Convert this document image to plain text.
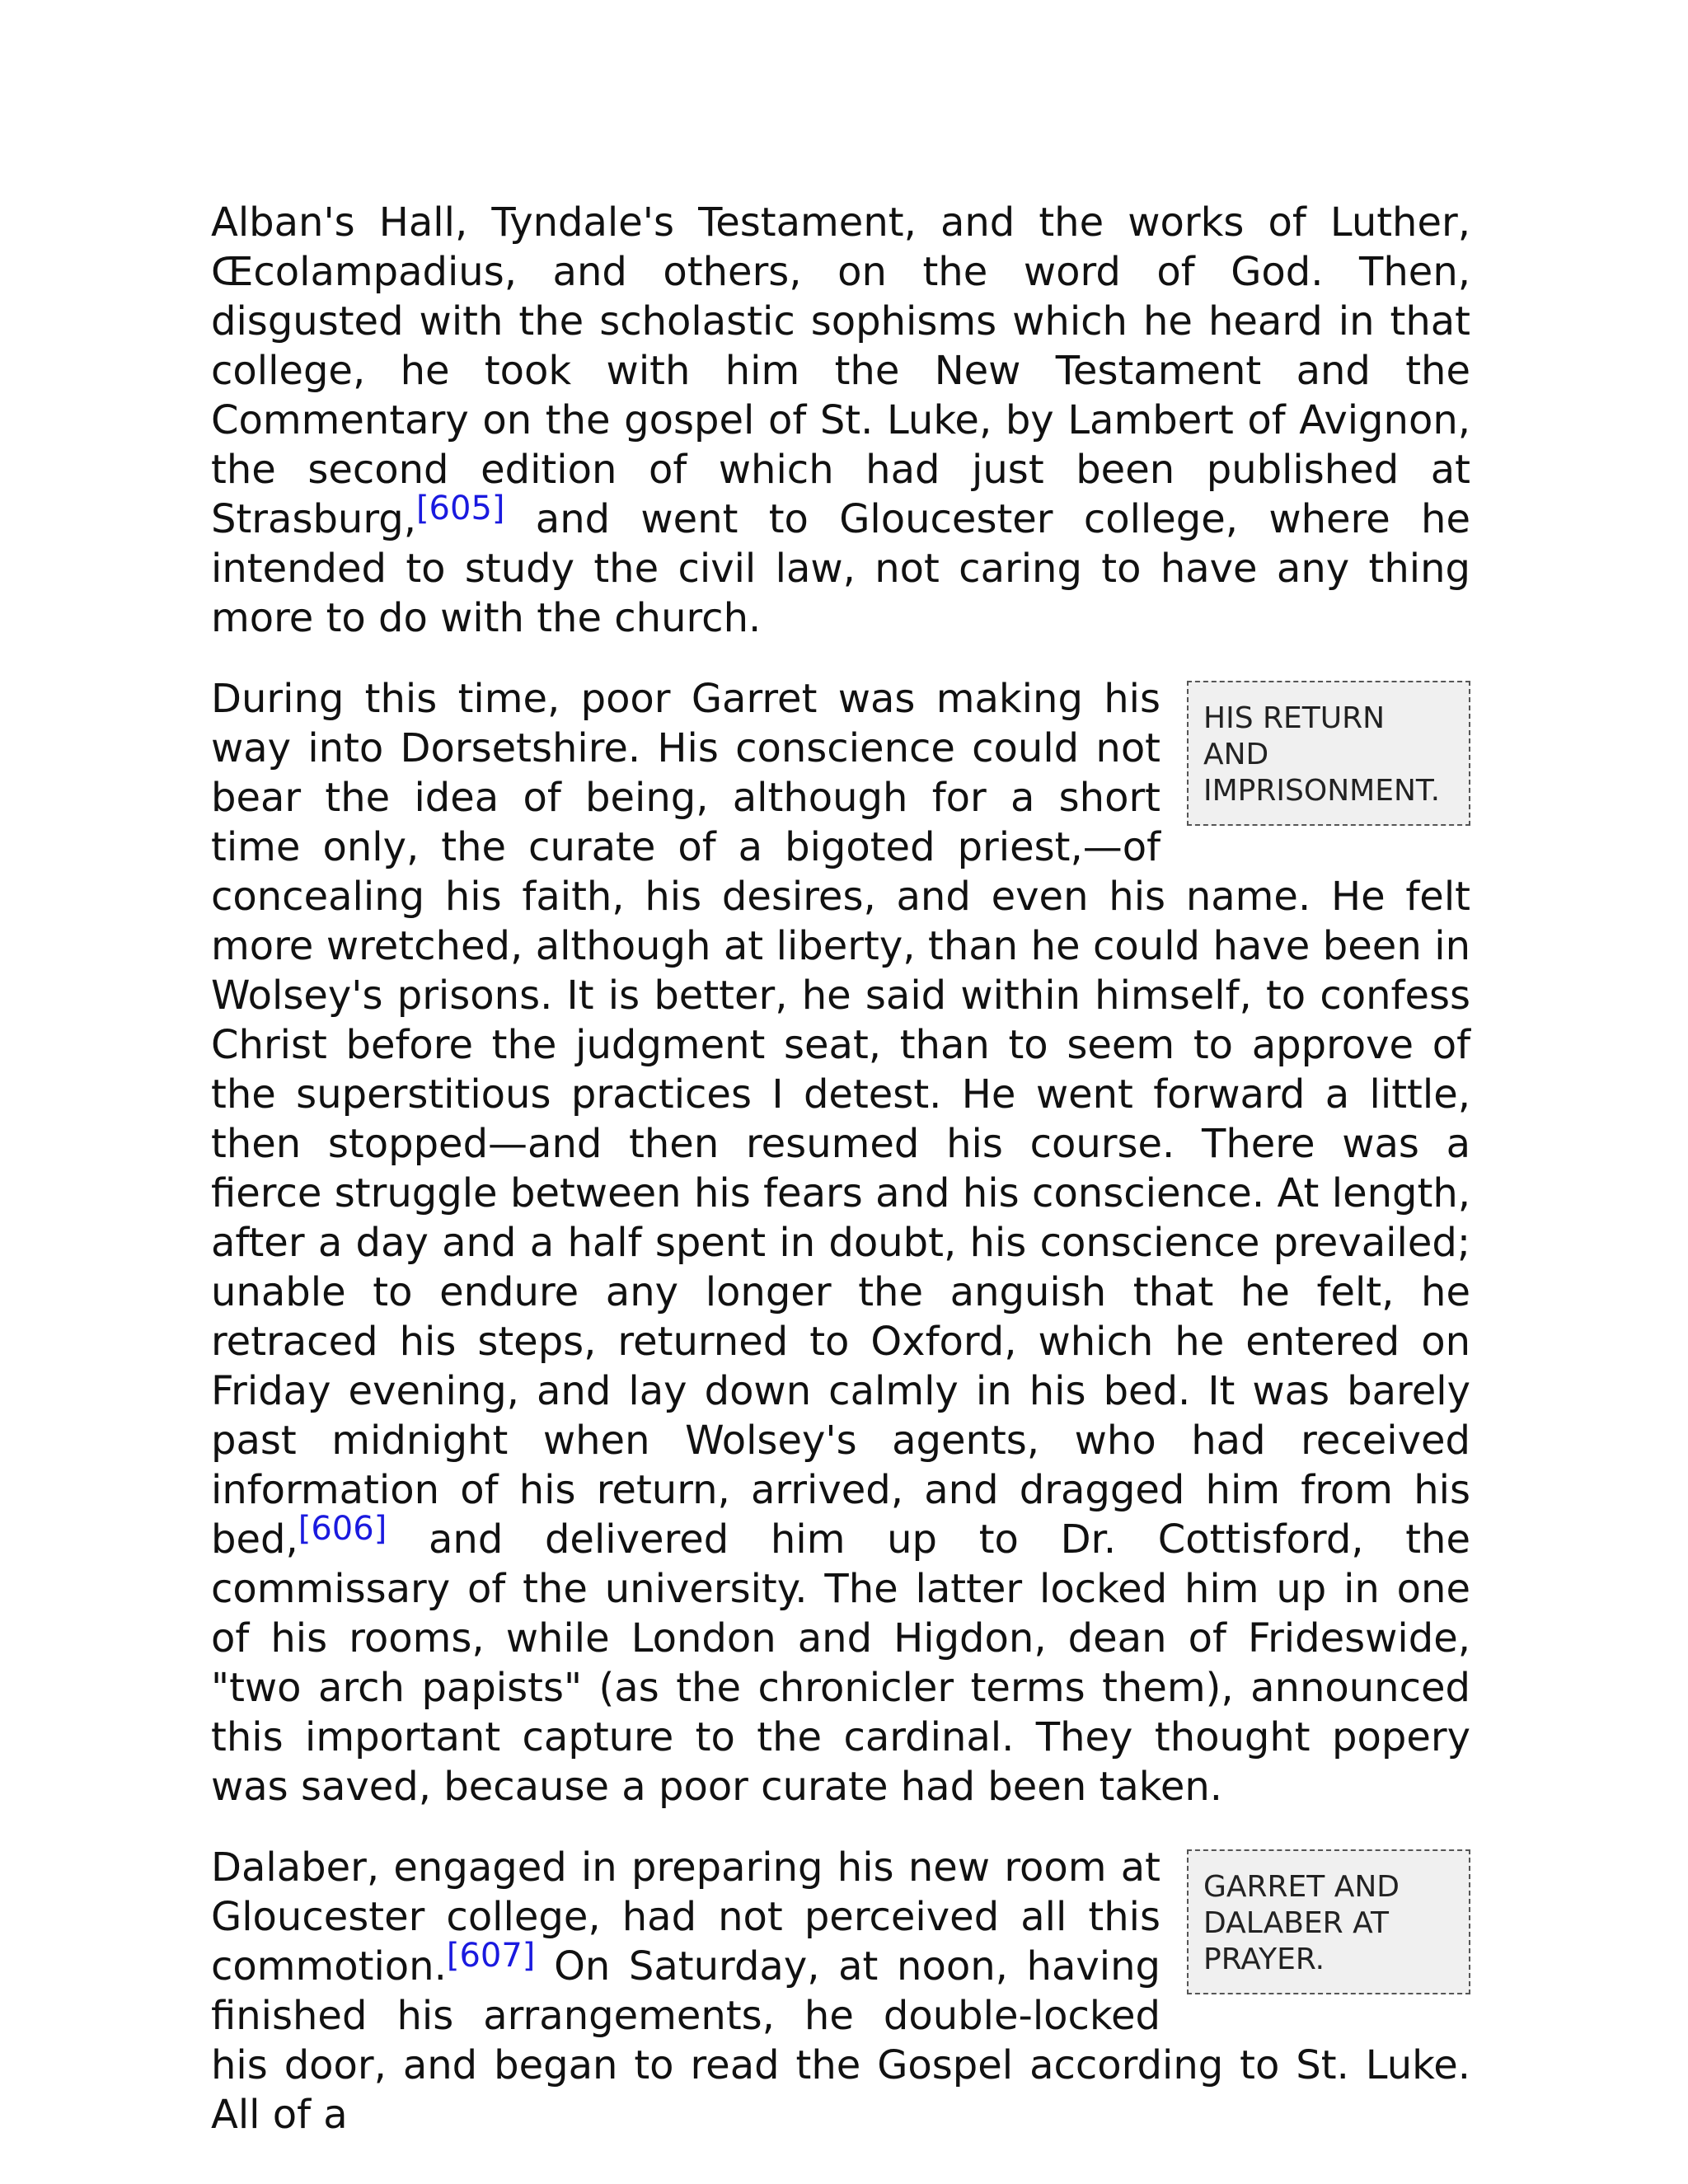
Alban's Hall, Tyndale's Testament, and the works of Luther, Œcolampadius, and others, on the word of God. Then, disgusted with the scholastic sophisms which he heard in that college, he took with him the New Testament and the Commentary on the gospel of St. Luke, by Lambert of Avignon, the second edition of which had just been published at Strasburg,[605] and went to Gloucester college, where he intended to study the civil law, not caring to have any thing more to do with the church.

HIS RETURN AND IMPRISONMENT.
During this time, poor Garret was making his way into Dorsetshire. His conscience could not bear the idea of being, although for a short time only, the curate of a bigoted priest,—of concealing his faith, his desires, and even his name. He felt more wretched, although at liberty, than he could have been in Wolsey's prisons. It is better, he said within himself, to confess Christ before the judgment seat, than to seem to approve of the superstitious practices I detest. He went forward a little, then stopped—and then resumed his course. There was a fierce struggle between his fears and his conscience. At length, after a day and a half spent in doubt, his conscience prevailed; unable to endure any longer the anguish that he felt, he retraced his steps, returned to Oxford, which he entered on Friday evening, and lay down calmly in his bed. It was barely past midnight when Wolsey's agents, who had received information of his return, arrived, and dragged him from his bed,[606] and delivered him up to Dr. Cottisford, the commissary of the university. The latter locked him up in one of his rooms, while London and Higdon, dean of Frideswide, "two arch papists" (as the chronicler terms them), announced this important capture to the cardinal. They thought popery was saved, because a poor curate had been taken.

GARRET AND DALABER AT PRAYER.
Dalaber, engaged in preparing his new room at Gloucester college, had not perceived all this commotion.[607] On Saturday, at noon, having finished his arrangements, he double-locked his door, and began to read the Gospel according to St. Luke. All of a
